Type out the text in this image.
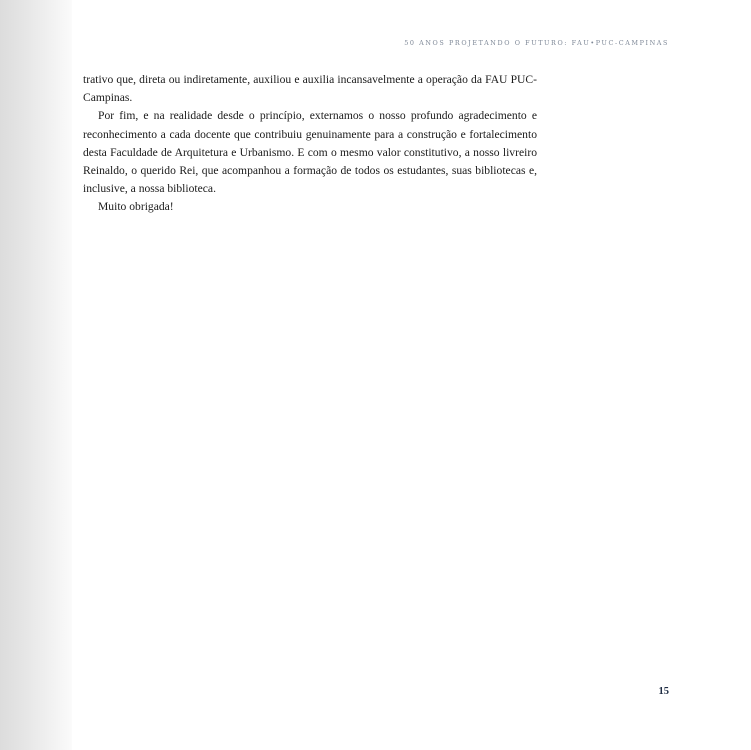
50 ANOS PROJETANDO O FUTURO: FAU•PUC-CAMPINAS

trativo que, direta ou indiretamente, auxiliou e auxilia incansavelmente a operação da FAU PUC-Campinas.

Por fim, e na realidade desde o princípio, externamos o nosso profundo agradecimento e reconhecimento a cada docente que contribuiu genuinamente para a construção e fortalecimento desta Faculdade de Arquitetura e Urbanismo. E com o mesmo valor constitutivo, a nosso livreiro Reinaldo, o querido Rei, que acompanhou a formação de todos os estudantes, suas bibliotecas e, inclusive, a nossa biblioteca.

Muito obrigada!

15
